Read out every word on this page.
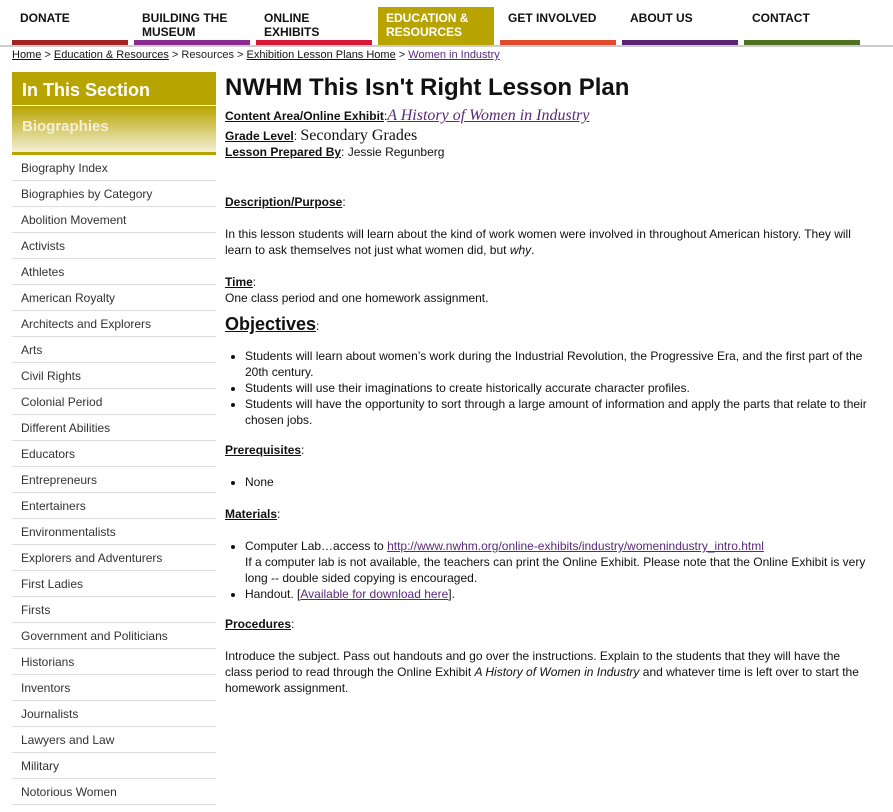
DONATE	BUILDING THE MUSEUM
ONLINE EXHIBITS
EDUCATION & RESOURCES
GET INVOLVED	ABOUT US	CONTACT
Home > Education & Resources > Resources > Exhibition Lesson Plans Home > Women in Industry
In This Section
Biographies
Biography Index
Biographies by Category
Abolition Movement
Activists
Athletes
American Royalty
Architects and Explorers
Arts
Civil Rights
Colonial Period
Different Abilities
Educators
Entrepreneurs
Entertainers
Environmentalists
Explorers and Adventurers
First Ladies
Firsts
Government and Politicians
Historians
Inventors
Journalists
Lawyers and Law
Military
Notorious Women
NWHM This Isn't Right Lesson Plan

Content Area/Online Exhibit:A History of Women in Industry

Grade Level: Secondary Grades

Lesson Prepared By: Jessie Regunberg

Description/Purpose:

In this lesson students will learn about the kind of work women were involved in throughout American history. They will learn to ask themselves not just what women did, but why.

Time:

One class period and one homework assignment.

Objectives:

• Students will learn about women’s work during the Industrial Revolution, the Progressive Era, and the first part of the 20th century.
• Students will use their imaginations to create historically accurate character profiles.
• Students will have the opportunity to sort through a large amount of information and apply the parts that relate to their chosen jobs.

Prerequisites:

• None

Materials:

• Computer Lab…access to http://www.nwhm.org/online-exhibits/industry/womenindustry_intro.html
If a computer lab is not available, the teachers can print the Online Exhibit. Please note that the Online Exhibit is very long -- double sided copying is encouraged.
• Handout. [Available for download here].

Procedures:

Introduce the subject. Pass out handouts and go over the instructions. Explain to the students that they will have the class period to read through the Online Exhibit A History of Women in Industry and whatever time is left over to start the homework assignment.
